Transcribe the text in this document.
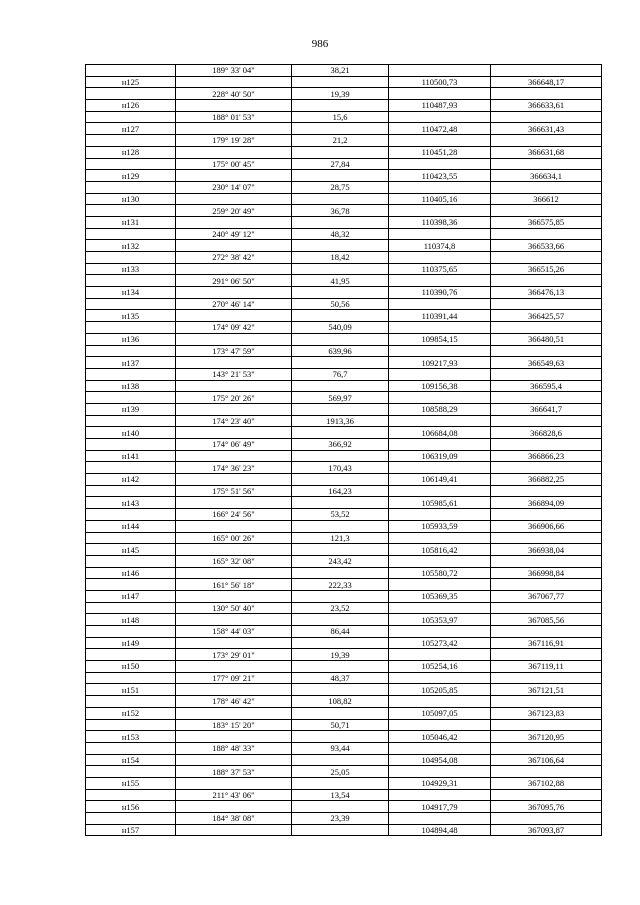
986
	189° 33' 04"	38,21		
н125			110500,73	366648,17
	228° 40' 50"	19,39		
н126			110487,93	366633,61
	188° 01' 53"	15,6		
н127			110472,48	366631,43
	179° 19' 28"	21,2		
н128			110451,28	366631,68
	175° 00' 45"	27,84		
н129			110423,55	366634,1
	230° 14' 07"	28,75		
н130			110405,16	366612
	259° 20' 49"	36,78		
н131			110398,36	366575,85
	240° 49' 12"	48,32		
н132			110374,8	366533,66
	272° 38' 42"	18,42		
н133			110375,65	366515,26
	291° 06' 50"	41,95		
н134			110390,76	366476,13
	270° 46' 14"	50,56		
н135			110391,44	366425,57
	174° 09' 42"	540,09		
н136			109854,15	366480,51
	173° 47' 59"	639,96		
н137			109217,93	366549,63
	143° 21' 53"	76,7		
н138			109156,38	366595,4
	175° 20' 26"	569,97		
н139			108588,29	366641,7
	174° 23' 40"	1913,36		
н140			106684,08	366828,6
	174° 06' 49"	366,92		
н141			106319,09	366866,23
	174° 36' 23"	170,43		
н142			106149,41	366882,25
	175° 51' 56"	164,23		
н143			105985,61	366894,09
	166° 24' 56"	53,52		
н144			105933,59	366906,66
	165° 00' 26"	121,3		
н145			105816,42	366938,04
	165° 32' 08"	243,42		
н146			105580,72	366998,84
	161° 56' 18"	222,33		
н147			105369,35	367067,77
	130° 50' 40"	23,52		
н148			105353,97	367085,56
	158° 44' 03"	86,44		
н149			105273,42	367116,91
	173° 29' 01"	19,39		
н150			105254,16	367119,11
	177° 09' 21"	48,37		
н151			105205,85	367121,51
	178° 46' 42"	108,82		
н152			105097,05	367123,83
	183° 15' 20"	50,71		
н153			105046,42	367120,95
	188° 48' 33"	93,44		
н154			104954,08	367106,64
	188° 37' 53"	25,05		
н155			104929,31	367102,88
	211° 43' 06"	13,54		
н156			104917,79	367095,76
	184° 38' 08"	23,39		
н157			104894,48	367093,87
